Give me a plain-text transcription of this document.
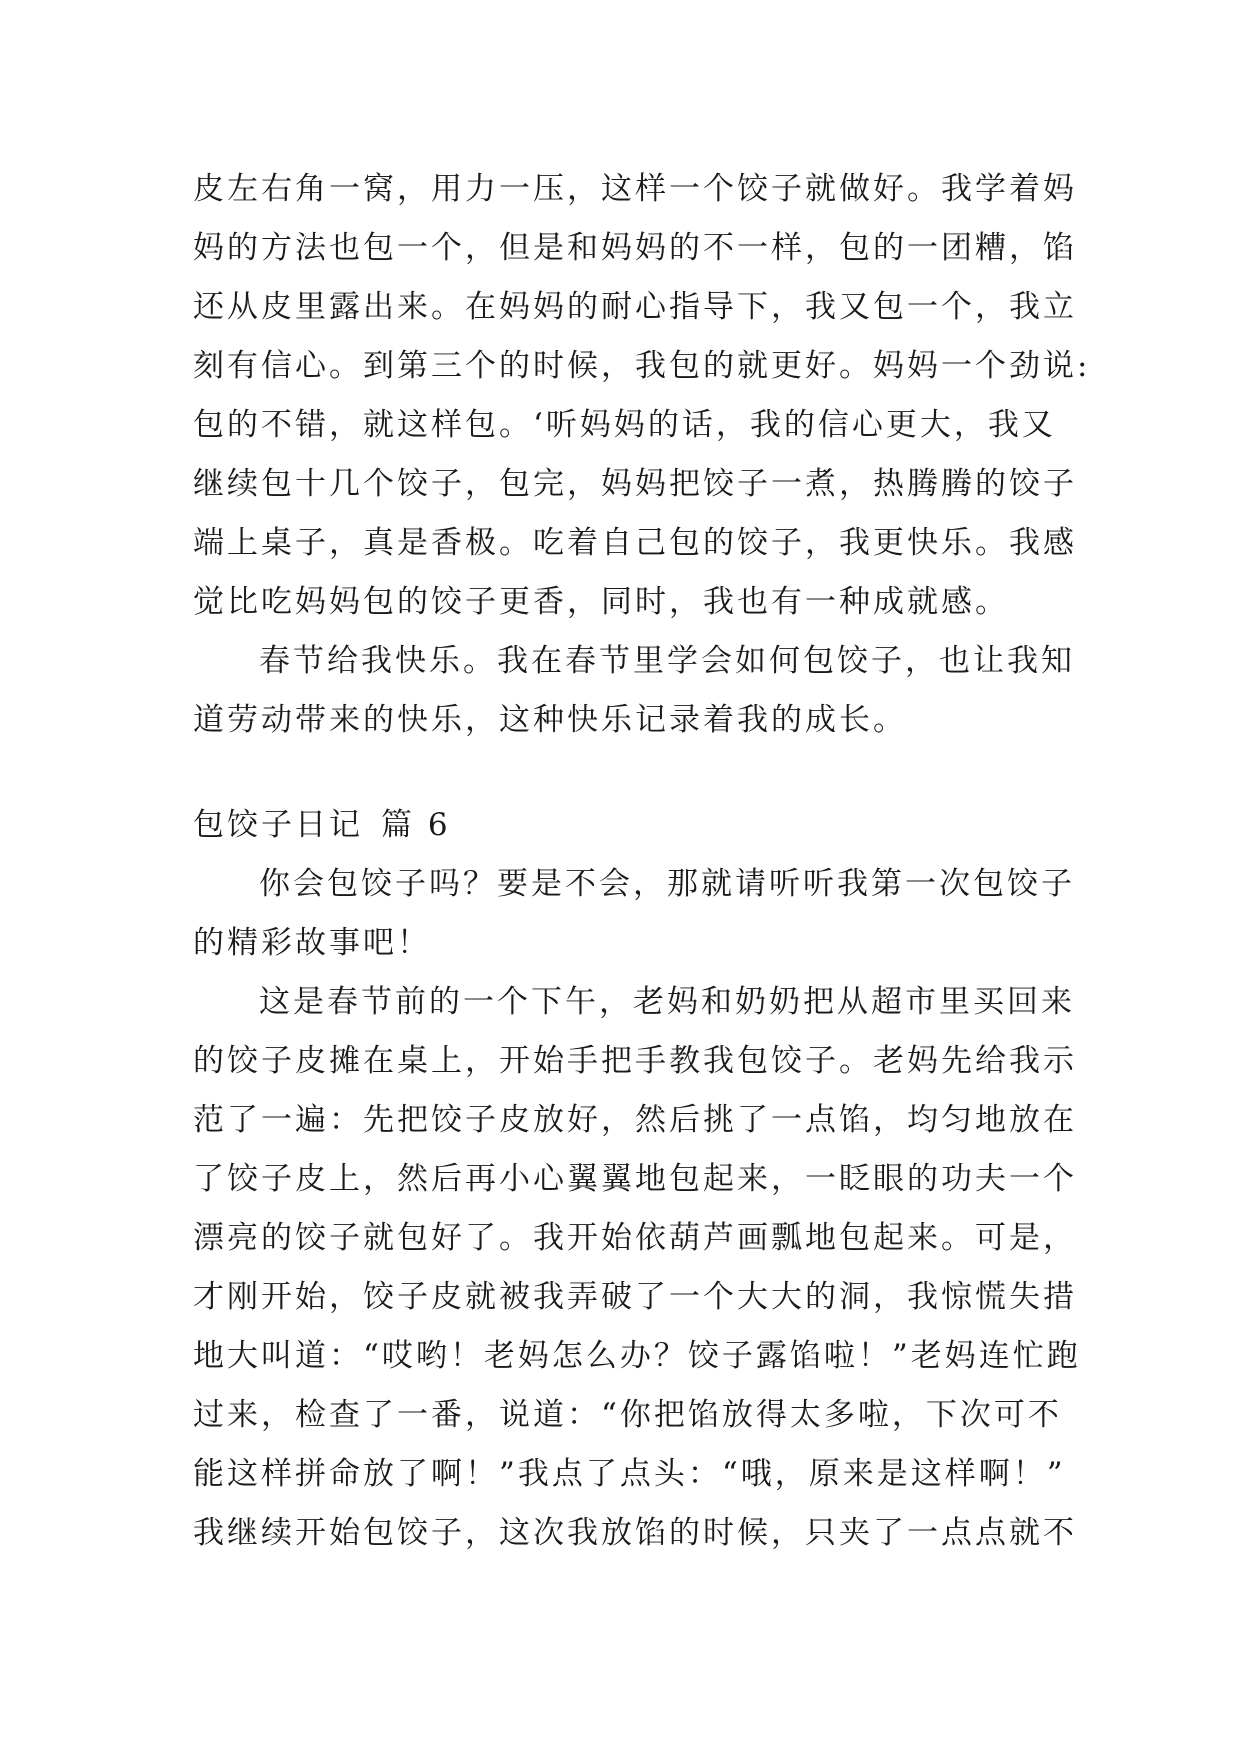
皮左右角一窝，用力一压，这样一个饺子就做好。我学着妈
妈的方法也包一个，但是和妈妈的不一样，包的一团糟，馅
还从皮里露出来。在妈妈的耐心指导下，我又包一个，我立
刻有信心。到第三个的时候，我包的就更好。妈妈一个劲说:
包的不错，就这样包。‘听妈妈的话，我的信心更大，我又
继续包十几个饺子，包完，妈妈把饺子一煮，热腾腾的饺子
端上桌子，真是香极。吃着自己包的饺子，我更快乐。我感
觉比吃妈妈包的饺子更香，同时，我也有一种成就感。
春节给我快乐。我在春节里学会如何包饺子，也让我知
道劳动带来的快乐，这种快乐记录着我的成长。
包饺子日记 篇 6
你会包饺子吗？要是不会，那就请听听我第一次包饺子
的精彩故事吧！
这是春节前的一个下午，老妈和奶奶把从超市里买回来
的饺子皮摊在桌上，开始手把手教我包饺子。老妈先给我示
范了一遍：先把饺子皮放好，然后挑了一点馅，均匀地放在
了饺子皮上，然后再小心翼翼地包起来，一眨眼的功夫一个
漂亮的饺子就包好了。我开始依葫芦画瓢地包起来。可是，
才刚开始，饺子皮就被我弄破了一个大大的洞，我惊慌失措
地大叫道：“哎哟！老妈怎么办？饺子露馅啦！”老妈连忙跑
过来，检查了一番，说道：“你把馅放得太多啦，下次可不
能这样拼命放了啊！”我点了点头：“哦，原来是这样啊！”
我继续开始包饺子，这次我放馅的时候，只夹了一点点就不
